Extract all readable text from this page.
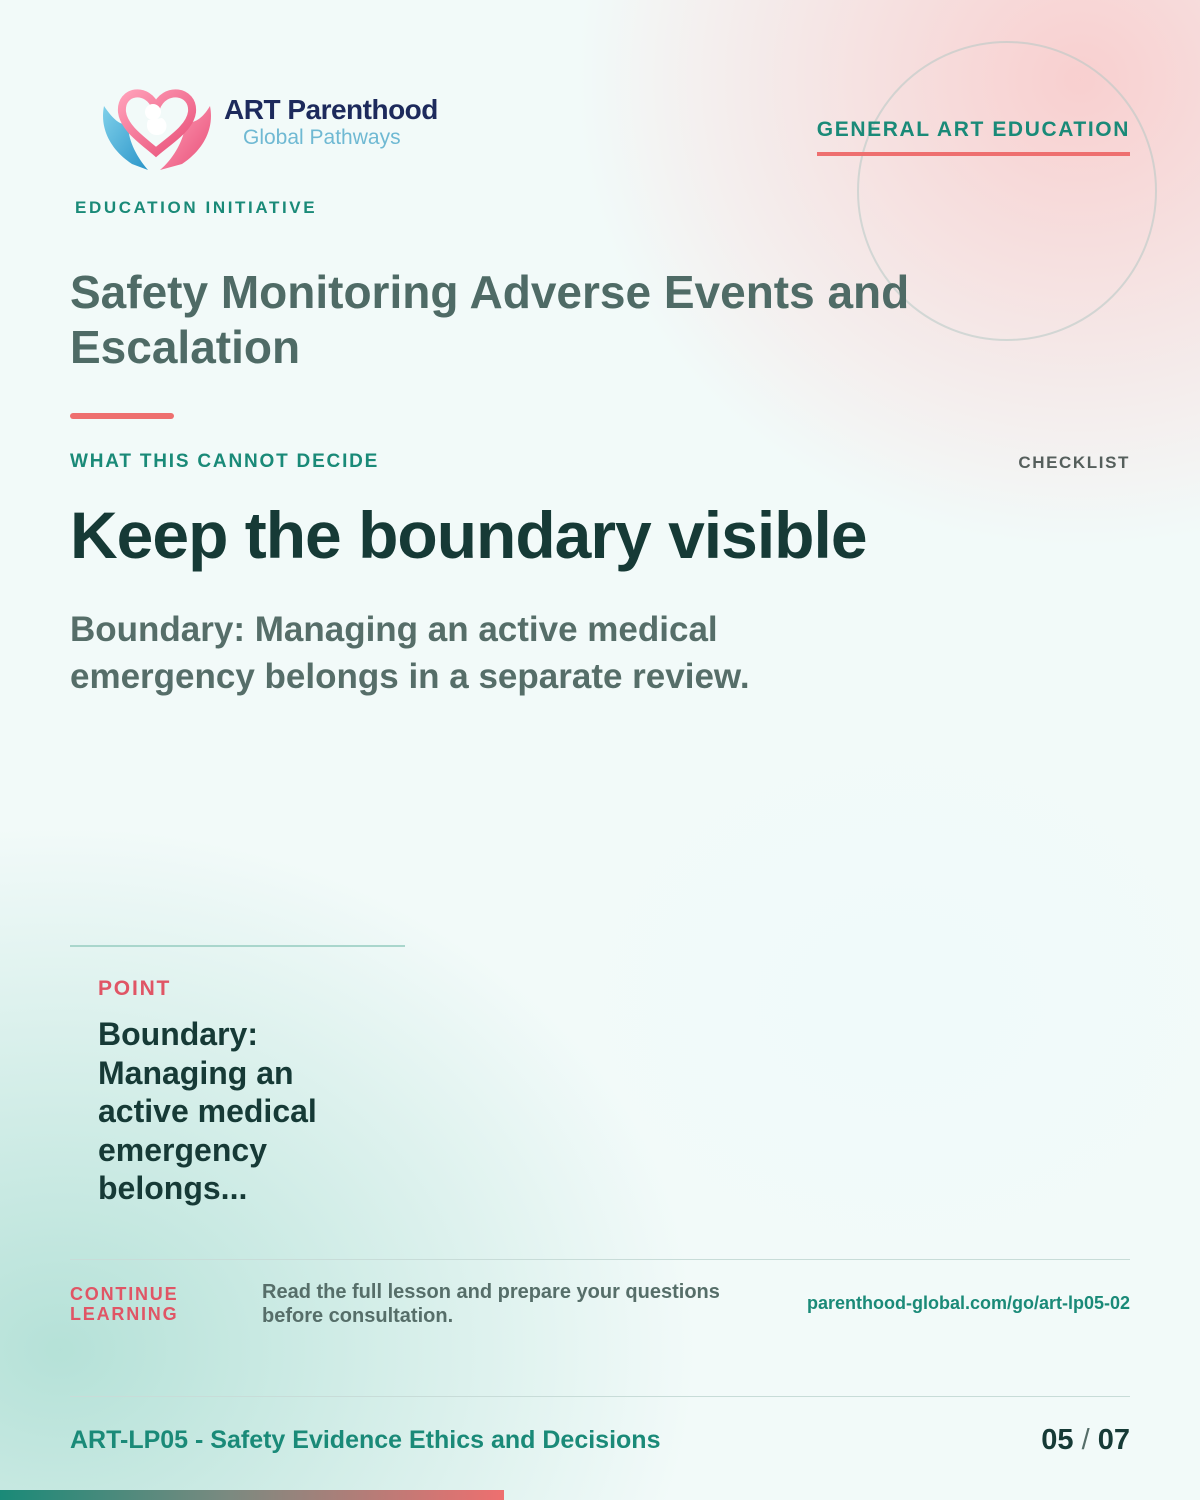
ART Parenthood
Global Pathways
EDUCATION INITIATIVE
GENERAL ART EDUCATION
Safety Monitoring Adverse Events and Escalation
WHAT THIS CANNOT DECIDE	CHECKLIST
Keep the boundary visible

Boundary: Managing an active medical emergency belongs in a separate review.

POINT

Boundary: Managing an active medical emergency belongs...

CONTINUE LEARNING
Read the full lesson and prepare your questions before consultation.
parenthood-global.com/go/art-lp05-02
ART-LP05 - Safety Evidence Ethics and Decisions	05 / 07
